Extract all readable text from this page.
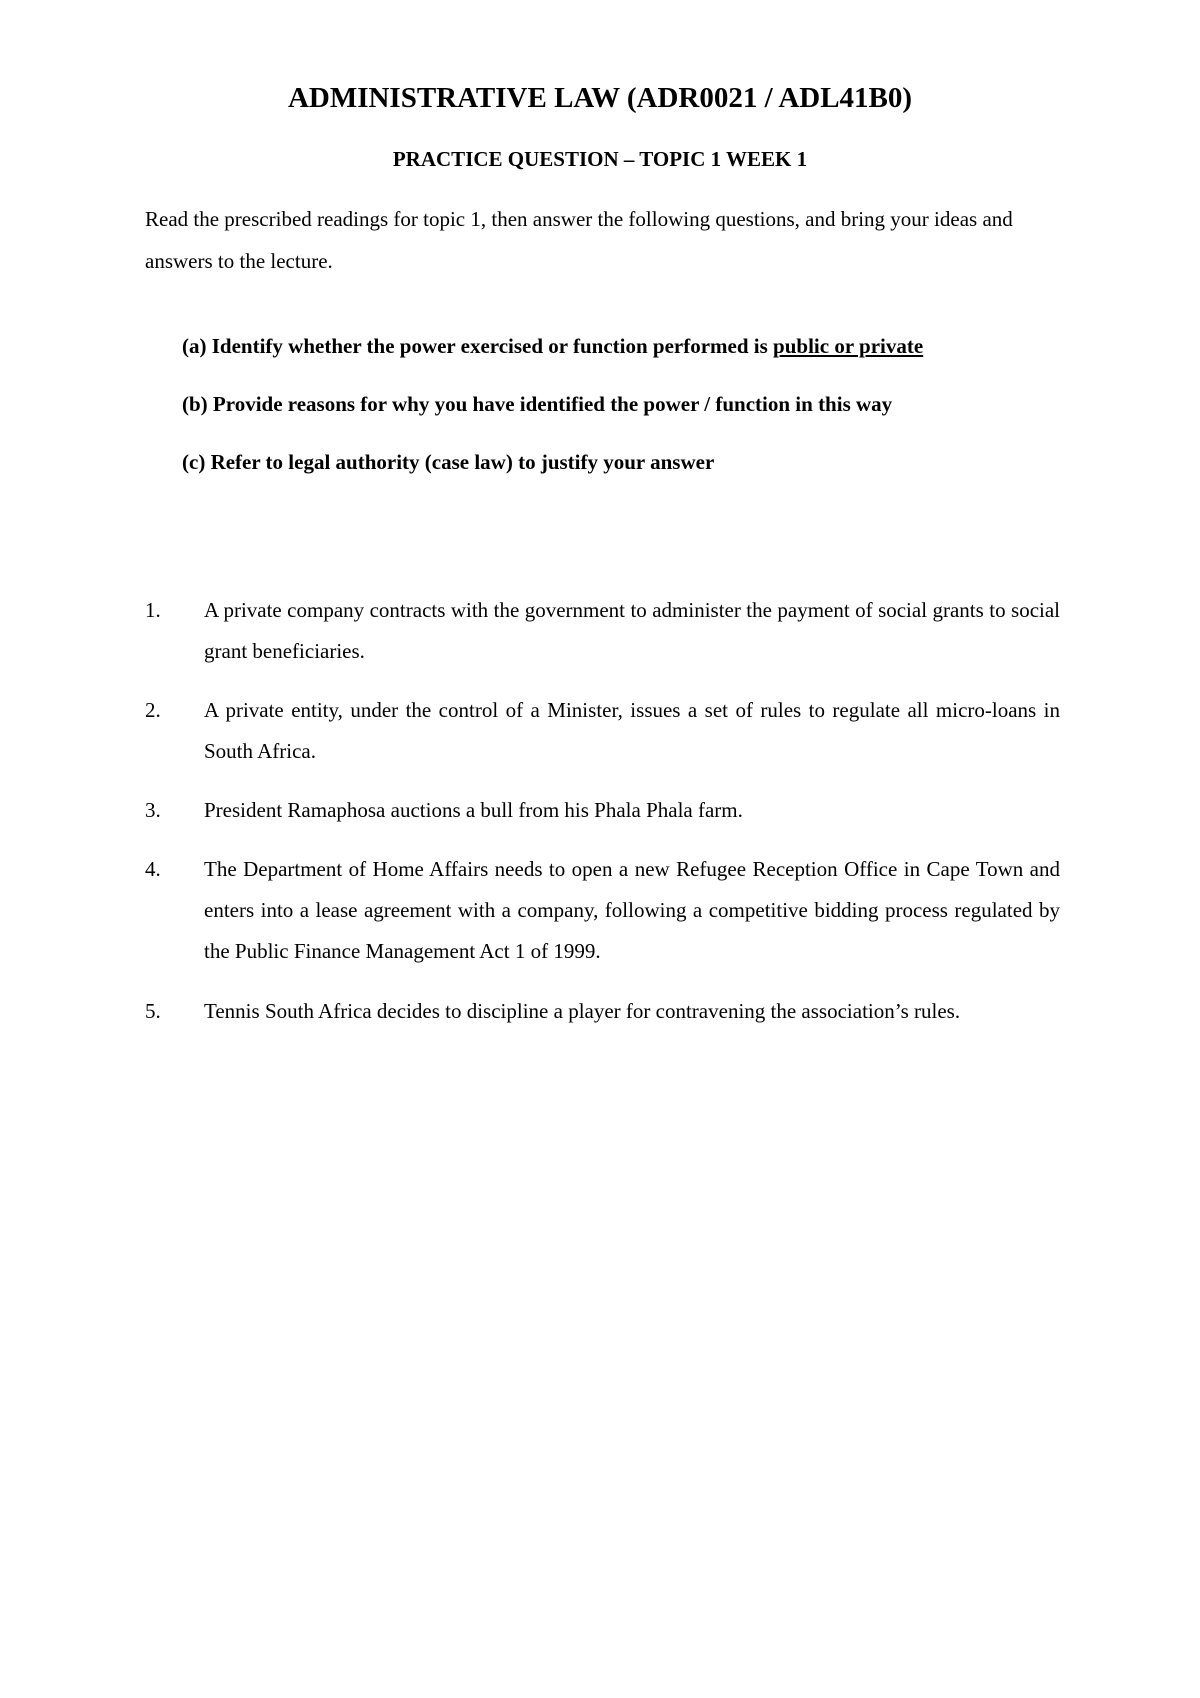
ADMINISTRATIVE LAW (ADR0021 / ADL41B0)
PRACTICE QUESTION – TOPIC 1 WEEK 1

Read the prescribed readings for topic 1, then answer the following questions, and bring your ideas and answers to the lecture.

(a) Identify whether the power exercised or function performed is public or private
(b) Provide reasons for why you have identified the power / function in this way
(c) Refer to legal authority (case law) to justify your answer
1. A private company contracts with the government to administer the payment of social grants to social grant beneficiaries.

2. A private entity, under the control of a Minister, issues a set of rules to regulate all micro-loans in South Africa.

3. President Ramaphosa auctions a bull from his Phala Phala farm.

4. The Department of Home Affairs needs to open a new Refugee Reception Office in Cape Town and enters into a lease agreement with a company, following a competitive bidding process regulated by the Public Finance Management Act 1 of 1999.

5. Tennis South Africa decides to discipline a player for contravening the association’s rules.
